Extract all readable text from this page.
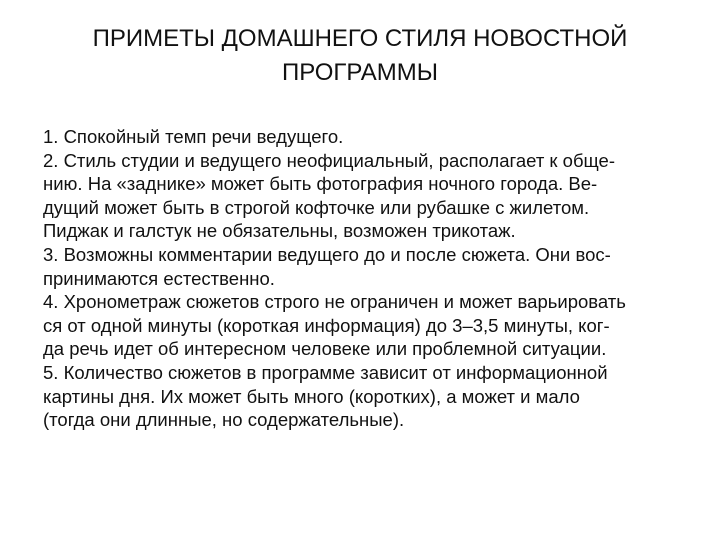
ПРИМЕТЫ ДОМАШНЕГО СТИЛЯ НОВОСТНОЙ
ПРОГРАММЫ
1. Спокойный темп речи ведущего.
2. Стиль студии и ведущего неофициальный, располагает к обще-
нию. На «заднике» может быть фотография ночного города. Ве-
дущий может быть в строгой кофточке или рубашке с жилетом.
Пиджак и галстук не обязательны, возможен трикотаж.
3. Возможны комментарии ведущего до и после сюжета. Они вос-
принимаются естественно.
4. Хронометраж сюжетов строго не ограничен и может варьировать
ся от одной минуты (короткая информация) до 3–3,5 минуты, ког-
да речь идет об интересном человеке или проблемной ситуации.
5. Количество сюжетов в программе зависит от информационной
картины дня. Их может быть много (коротких), а может и мало
(тогда они длинные, но содержательные).
